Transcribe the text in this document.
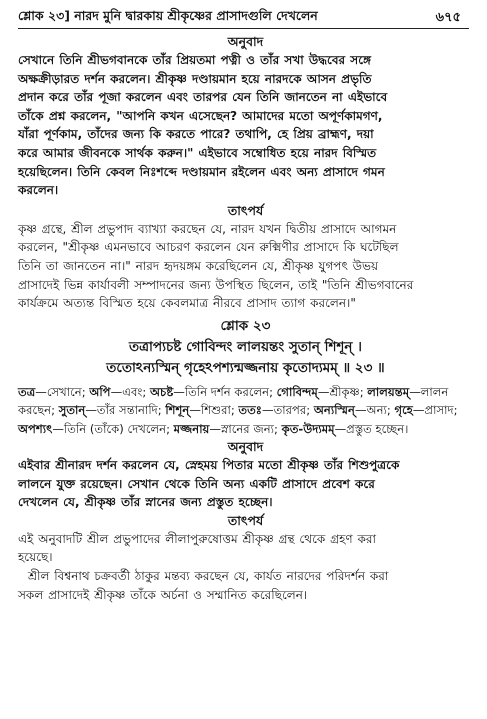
শ্লোক ২৩] নারদ মুনি দ্বারকায় শ্রীকৃষ্ণের প্রাসাদগুলি দেখলেন	৬৭৫

অনুবাদ

সেখানে তিনি শ্রীভগবানকে তাঁর প্রিয়তমা পত্নী ও তাঁর সখা উদ্ধবের সঙ্গে
অক্ষক্রীড়ারত দর্শন করলেন। শ্রীকৃষ্ণ দণ্ডায়মান হয়ে নারদকে আসন প্রভৃতি
প্রদান করে তাঁর পূজা করলেন এবং তারপর যেন তিনি জানতেন না এইভাবে
তাঁকে প্রশ্ন করলেন, "আপনি কখন এসেছেন? আমাদের মতো অপূর্ণকামগণ,
যাঁরা পূর্ণকাম, তাঁদের জন্য কি করতে পারে? তথাপি, হে প্রিয় ব্রাহ্মণ, দয়া
করে আমার জীবনকে সার্থক করুন।" এইভাবে সম্বোধিত হয়ে নারদ বিস্মিত
হয়েছিলেন। তিনি কেবল নিঃশব্দে দণ্ডায়মান রইলেন এবং অন্য প্রাসাদে গমন
করলেন।

তাৎপর্য

কৃষ্ণ গ্রন্থে, শ্রীল প্রভুপাদ ব্যাখ্যা করছেন যে, নারদ যখন দ্বিতীয় প্রাসাদে আগমন
করলেন, "শ্রীকৃষ্ণ এমনভাবে আচরণ করলেন যেন রুক্মিণীর প্রাসাদে কি ঘটেছিল
তিনি তা জানতেন না।" নারদ হৃদয়ঙ্গম করেছিলেন যে, শ্রীকৃষ্ণ যুগপৎ উভয়
প্রাসাদেই ভিন্ন কার্যাবলী সম্পাদনের জন্য উপস্থিত ছিলেন, তাই "তিনি শ্রীভগবানের
কার্যক্রমে অত্যন্ত বিস্মিত হয়ে কেবলমাত্র নীরবে প্রাসাদ ত্যাগ করলেন।"

শ্লোক ২৩

তত্রাপ্যচষ্ট গোবিন্দং লালয়ন্তং সুতান্ শিশূন্ ।

ততোঽন্যস্মিন্ গৃহেঽপশ্যন্মজ্জনায় কৃতোদ্যমম্ ॥ ২৩ ॥

তত্র—সেখানে; অপি—এবং; অচষ্ট—তিনি দর্শন করলেন; গোবিন্দম্—শ্রীকৃষ্ণ; লালয়ন্তম্—লালন করছেন; সুতান্—তাঁর সন্তানাদি; শিশূন্—শিশুরা; ততঃ—তারপর; অন্যস্মিন্—অন্য; গৃহে—প্রাসাদ; অপশ্যৎ—তিনি (তাঁকে) দেখলেন; মজ্জনায়—স্নানের জন্য; কৃত-উদ্যমম্—প্রস্তুত হচ্ছেন।

অনুবাদ

এইবার শ্রীনারদ দর্শন করলেন যে, স্নেহময় পিতার মতো শ্রীকৃষ্ণ তাঁর শিশুপুত্রকে
লালনে যুক্ত রয়েছেন। সেখান থেকে তিনি অন্য একটি প্রাসাদে প্রবেশ করে
দেখলেন যে, শ্রীকৃষ্ণ তাঁর স্নানের জন্য প্রস্তুত হচ্ছেন।

তাৎপর্য

এই অনুবাদটি শ্রীল প্রভুপাদের লীলাপুরুষোত্তম শ্রীকৃষ্ণ গ্রন্থ থেকে গ্রহণ করা
হয়েছে।

শ্রীল বিশ্বনাথ চক্রবর্তী ঠাকুর মন্তব্য করছেন যে, কার্যত নারদের পরিদর্শন করা
সকল প্রাসাদেই শ্রীকৃষ্ণ তাঁকে অর্চনা ও সম্মানিত করেছিলেন।
